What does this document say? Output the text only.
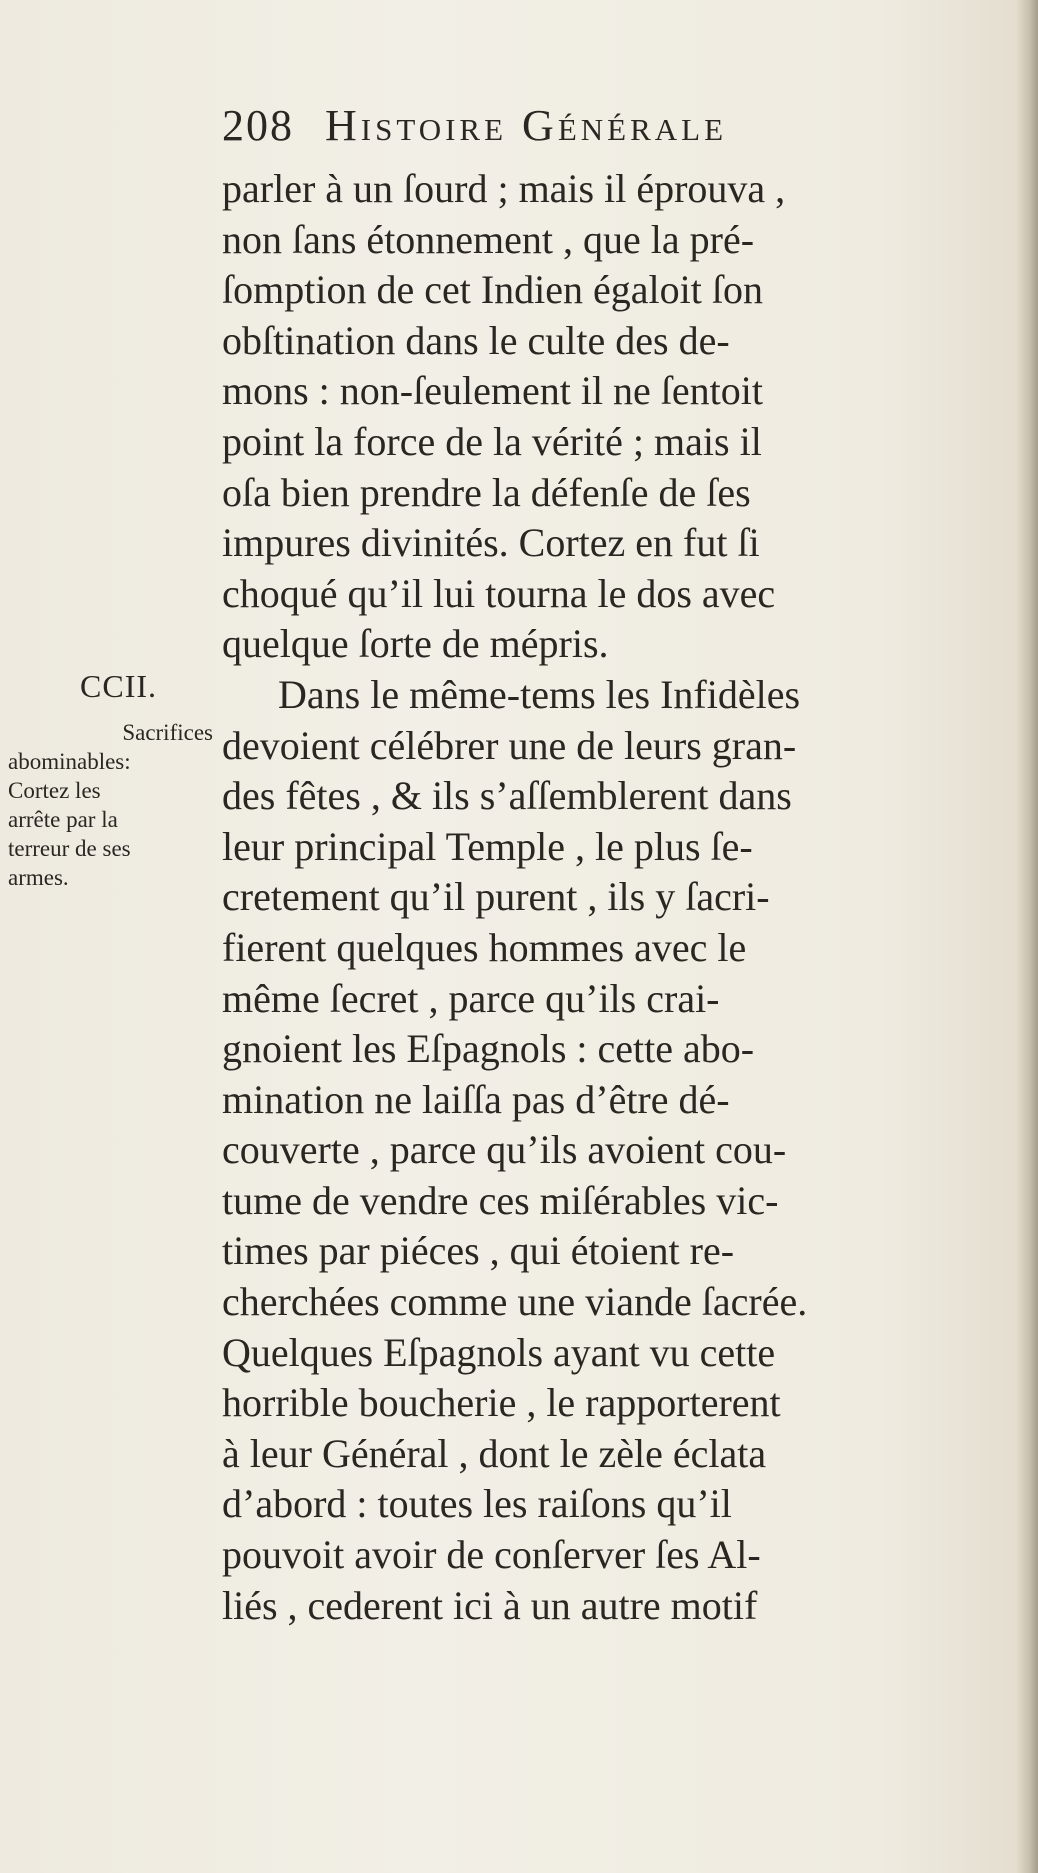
208 Histoire Générale
CCII.
Sacrifices
abominables:
Cortez les
arrête par la
terreur de ses
armes.
parler à un ſourd ; mais il éprouva ,
non ſans étonnement , que la pré-
ſomption de cet Indien égaloit ſon
obſtination dans le culte des de-
mons : non-ſeulement il ne ſentoit
point la force de la vérité ; mais il
oſa bien prendre la défenſe de ſes
impures divinités. Cortez en fut ſi
choqué qu’il lui tourna le dos avec
quelque ſorte de mépris.
Dans le même-tems les Infidèles
devoient célébrer une de leurs gran-
des fêtes , & ils s’aſſemblerent dans
leur principal Temple , le plus ſe-
cretement qu’il purent , ils y ſacri-
fierent quelques hommes avec le
même ſecret , parce qu’ils crai-
gnoient les Eſpagnols : cette abo-
mination ne laiſſa pas d’être dé-
couverte , parce qu’ils avoient cou-
tume de vendre ces miſérables vic-
times par piéces , qui étoient re-
cherchées comme une viande ſacrée.
Quelques Eſpagnols ayant vu cette
horrible boucherie , le rapporterent
à leur Général , dont le zèle éclata
d’abord : toutes les raiſons qu’il
pouvoit avoir de conſerver ſes Al-
liés , cederent ici à un autre motif
